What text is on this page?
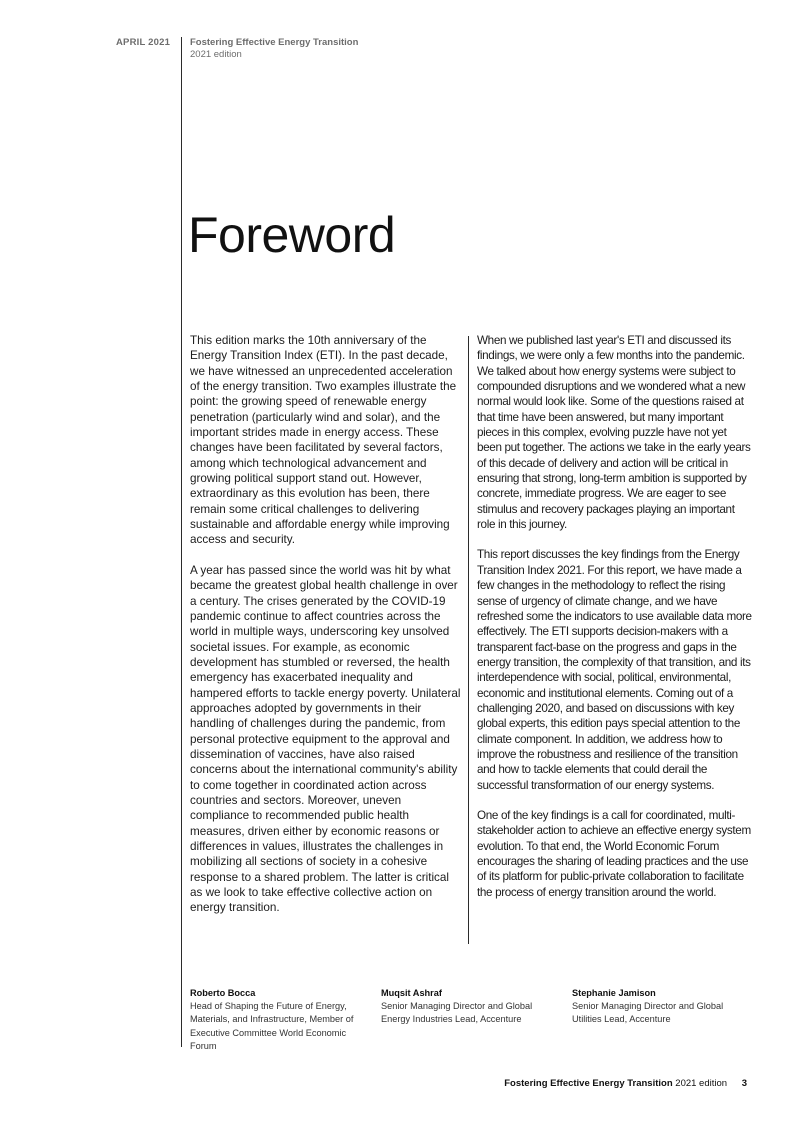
APRIL 2021 Fostering Effective Energy Transition
2021 edition
Foreword

This edition marks the 10th anniversary of the Energy Transition Index (ETI). In the past decade, we have witnessed an unprecedented acceleration of the energy transition. Two examples illustrate the point: the growing speed of renewable energy penetration (particularly wind and solar), and the important strides made in energy access. These changes have been facilitated by several factors, among which technological advancement and growing political support stand out. However, extraordinary as this evolution has been, there remain some critical challenges to delivering sustainable and affordable energy while improving access and security.

A year has passed since the world was hit by what became the greatest global health challenge in over a century. The crises generated by the COVID-19 pandemic continue to affect countries across the world in multiple ways, underscoring key unsolved societal issues. For example, as economic development has stumbled or reversed, the health emergency has exacerbated inequality and hampered efforts to tackle energy poverty. Unilateral approaches adopted by governments in their handling of challenges during the pandemic, from personal protective equipment to the approval and dissemination of vaccines, have also raised concerns about the international community's ability to come together in coordinated action across countries and sectors. Moreover, uneven compliance to recommended public health measures, driven either by economic reasons or differences in values, illustrates the challenges in mobilizing all sections of society in a cohesive response to a shared problem. The latter is critical as we look to take effective collective action on energy transition.

When we published last year's ETI and discussed its findings, we were only a few months into the pandemic. We talked about how energy systems were subject to compounded disruptions and we wondered what a new normal would look like. Some of the questions raised at that time have been answered, but many important pieces in this complex, evolving puzzle have not yet been put together. The actions we take in the early years of this decade of delivery and action will be critical in ensuring that strong, long-term ambition is supported by concrete, immediate progress. We are eager to see stimulus and recovery packages playing an important role in this journey.

This report discusses the key findings from the Energy Transition Index 2021. For this report, we have made a few changes in the methodology to reflect the rising sense of urgency of climate change, and we have refreshed some the indicators to use available data more effectively. The ETI supports decision-makers with a transparent fact-base on the progress and gaps in the energy transition, the complexity of that transition, and its interdependence with social, political, environmental, economic and institutional elements. Coming out of a challenging 2020, and based on discussions with key global experts, this edition pays special attention to the climate component. In addition, we address how to improve the robustness and resilience of the transition and how to tackle elements that could derail the successful transformation of our energy systems.

One of the key findings is a call for coordinated, multi-stakeholder action to achieve an effective energy system evolution. To that end, the World Economic Forum encourages the sharing of leading practices and the use of its platform for public-private collaboration to facilitate the process of energy transition around the world.

Roberto Bocca
Head of Shaping the Future of Energy, Materials, and Infrastructure, Member of Executive Committee World Economic Forum
Muqsit Ashraf
Senior Managing Director and Global Energy Industries Lead, Accenture
Stephanie Jamison
Senior Managing Director and Global Utilities Lead, Accenture
Fostering Effective Energy Transition 2021 edition 3
